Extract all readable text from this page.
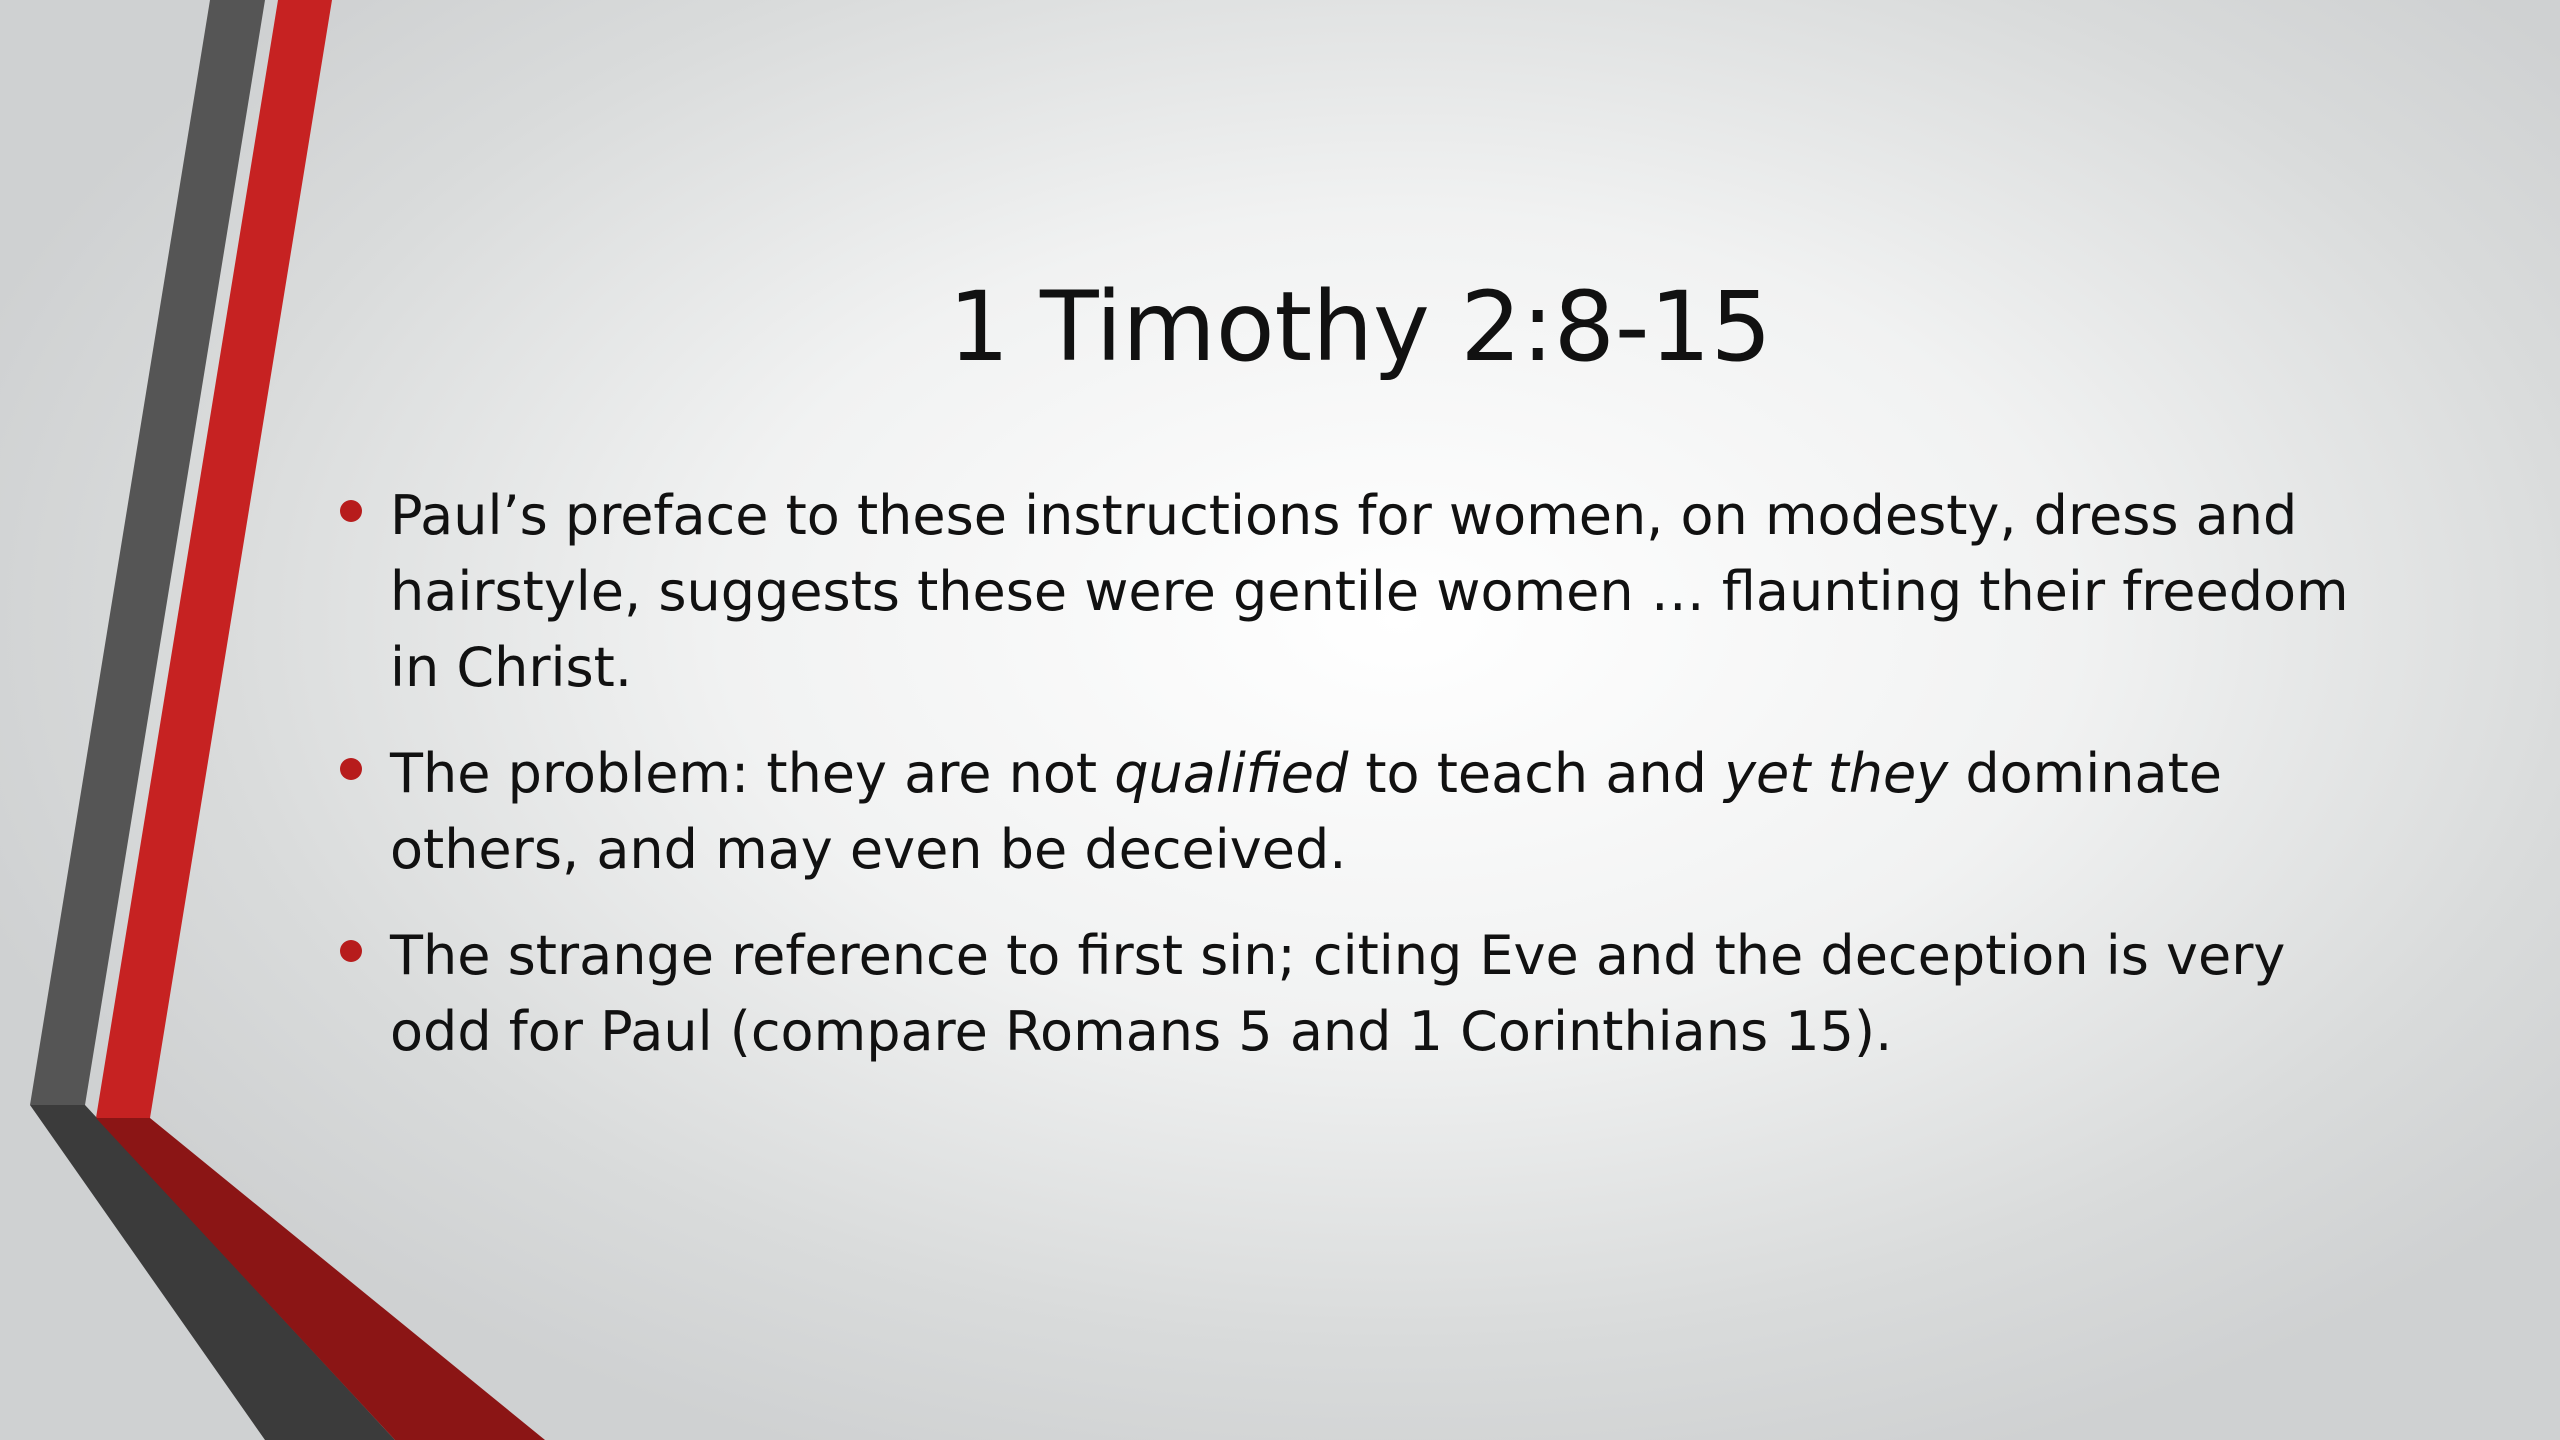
1 Timothy 2:8-15
Paul’s preface to these instructions for women, on modesty, dress and hairstyle, suggests these were gentile women … flaunting their freedom in Christ.
The problem: they are not qualified to teach and yet they dominate others, and may even be deceived.
The strange reference to first sin; citing Eve and the deception is very odd for Paul (compare Romans 5 and 1 Corinthians 15).
